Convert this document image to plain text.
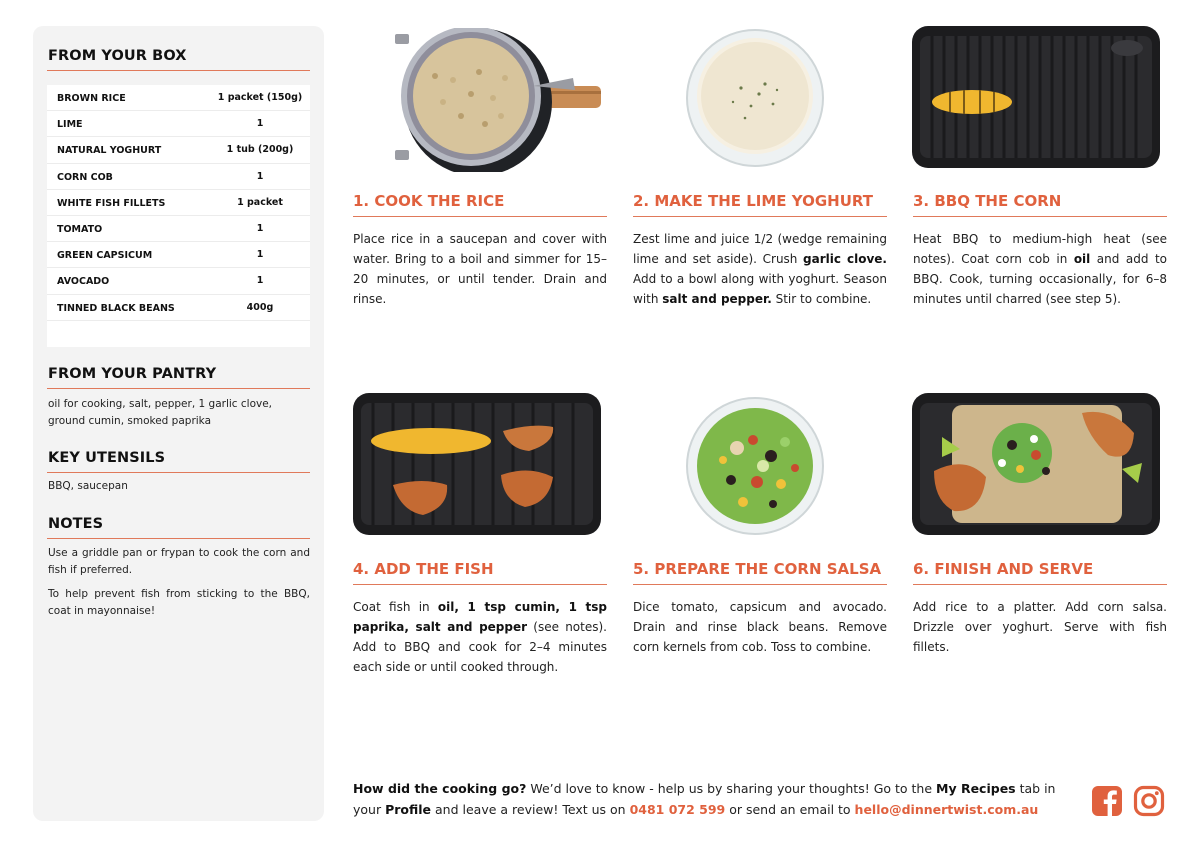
FROM YOUR BOX
BROWN RICE	1 packet (150g)
LIME	1
NATURAL YOGHURT	1 tub (200g)
CORN COB	1
WHITE FISH FILLETS	1 packet
TOMATO	1
GREEN CAPSICUM	1
AVOCADO	1
TINNED BLACK BEANS	400g
FROM YOUR PANTRY
oil for cooking, salt, pepper, 1 garlic clove, ground cumin, smoked paprika
KEY UTENSILS
BBQ, saucepan
NOTES
Use a griddle pan or frypan to cook the corn and fish if preferred.
To help prevent fish from sticking to the BBQ, coat in mayonnaise!
1. COOK THE RICE
Place rice in a saucepan and cover with water. Bring to a boil and simmer for 15–20 minutes, or until tender. Drain and rinse.
2. MAKE THE LIME YOGHURT
Zest lime and juice 1/2 (wedge remaining lime and set aside). Crush garlic clove. Add to a bowl along with yoghurt. Season with salt and pepper. Stir to combine.
3. BBQ THE CORN
Heat BBQ to medium-high heat (see notes). Coat corn cob in oil and add to BBQ. Cook, turning occasionally, for 6–8 minutes until charred (see step 5).
4. ADD THE FISH
Coat fish in oil, 1 tsp cumin, 1 tsp paprika, salt and pepper (see notes). Add to BBQ and cook for 2–4 minutes each side or until cooked through.
5. PREPARE THE CORN SALSA
Dice tomato, capsicum and avocado. Drain and rinse black beans. Remove corn kernels from cob. Toss to combine.
6. FINISH AND SERVE
Add rice to a platter. Add corn salsa. Drizzle over yoghurt. Serve with fish fillets.
How did the cooking go? We’d love to know - help us by sharing your thoughts! Go to the My Recipes tab in your Profile and leave a review! Text us on 0481 072 599 or send an email to hello@dinnertwist.com.au
